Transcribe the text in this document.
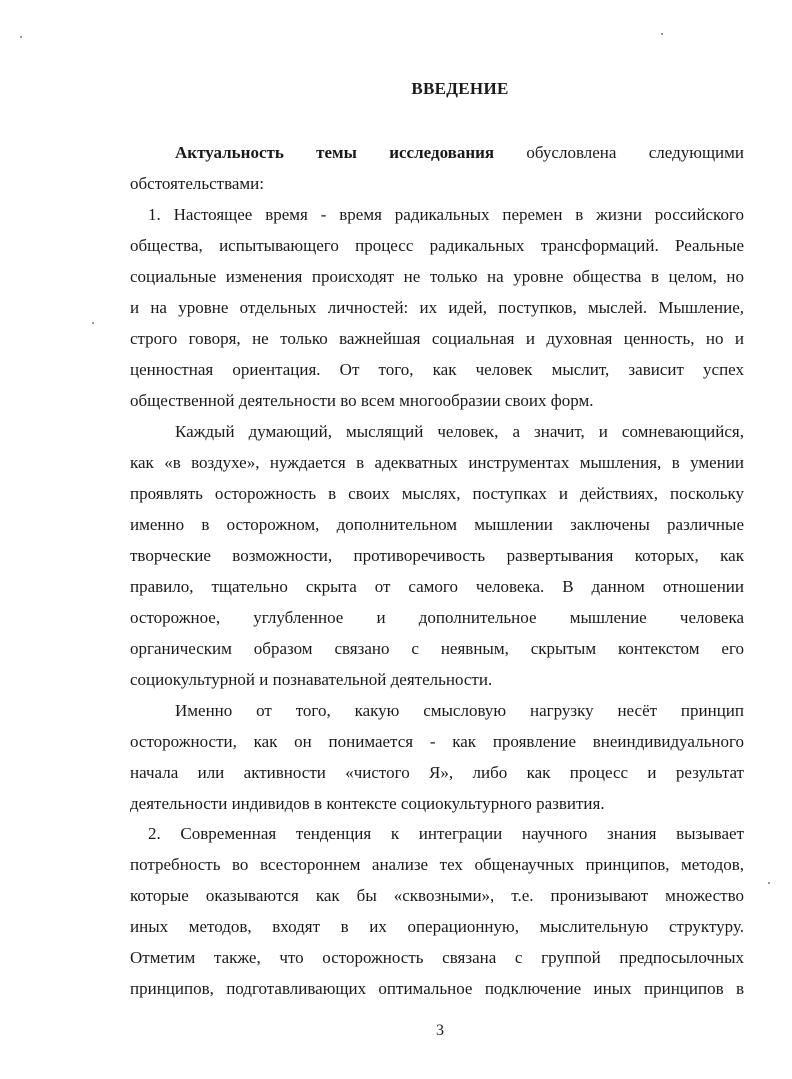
ВВЕДЕНИЕ
Актуальность темы исследования обусловлена следующими
обстоятельствами:
1. Настоящее время - время радикальных перемен в жизни российского
общества, испытывающего процесс радикальных трансформаций. Реальные
социальные изменения происходят не только на уровне общества в целом, но
и на уровне отдельных личностей: их идей, поступков, мыслей. Мышление,
строго говоря, не только важнейшая социальная и духовная ценность, но и
ценностная ориентация. От того, как человек мыслит, зависит успех
общественной деятельности во всем многообразии своих форм.
Каждый думающий, мыслящий человек, а значит, и сомневающийся,
как «в воздухе», нуждается в адекватных инструментах мышления, в умении
проявлять осторожность в своих мыслях, поступках и действиях, поскольку
именно в осторожном, дополнительном мышлении заключены различные
творческие возможности, противоречивость развертывания которых, как
правило, тщательно скрыта от самого человека. В данном отношении
осторожное, углубленное и дополнительное мышление человека
органическим образом связано с неявным, скрытым контекстом его
социокультурной и познавательной деятельности.
Именно от того, какую смысловую нагрузку несёт принцип
осторожности, как он понимается - как проявление внеиндивидуального
начала или активности «чистого Я», либо как процесс и результат
деятельности индивидов в контексте социокультурного развития.
2. Современная тенденция к интеграции научного знания вызывает
потребность во всестороннем анализе тех общенаучных принципов, методов,
которые оказываются как бы «сквозными», т.е. пронизывают множество
иных методов, входят в их операционную, мыслительную структуру.
Отметим также, что осторожность связана с группой предпосылочных
принципов, подготавливающих оптимальное подключение иных принципов в
3
